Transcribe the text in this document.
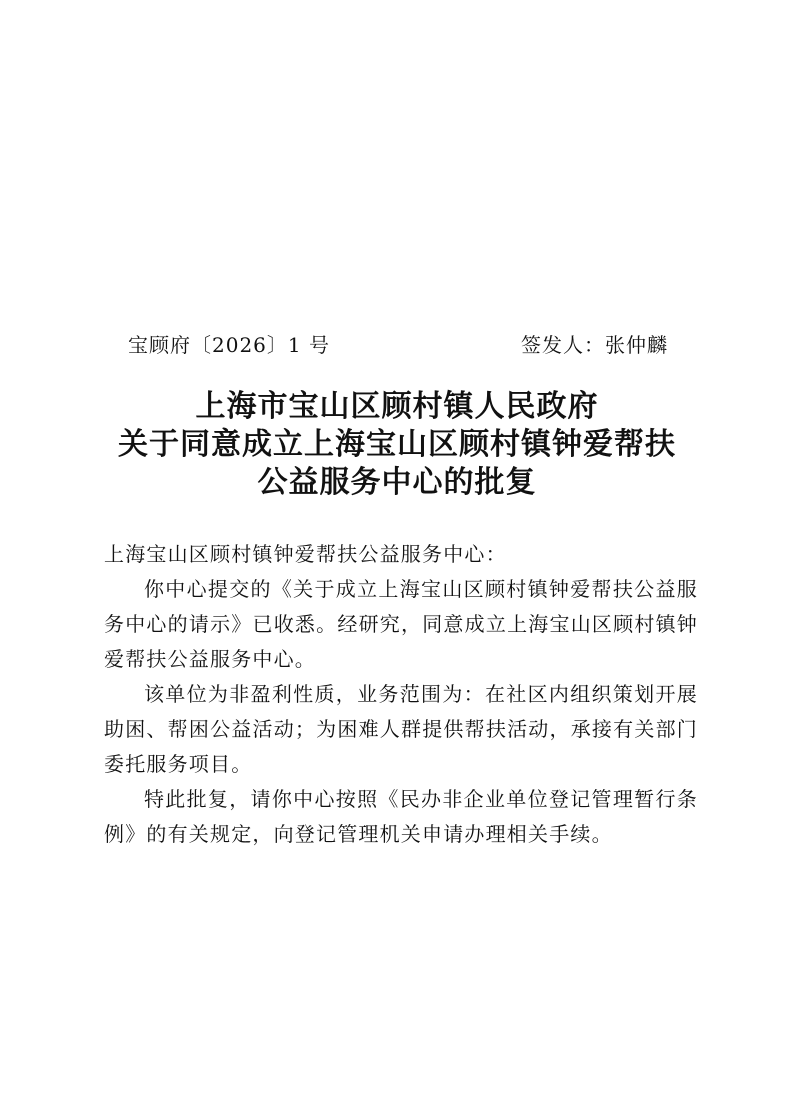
宝顾府〔2026〕1 号	签发人：张仲麟
上海市宝山区顾村镇人民政府
关于同意成立上海宝山区顾村镇钟爱帮扶
公益服务中心的批复

上海宝山区顾村镇钟爱帮扶公益服务中心：

你中心提交的《关于成立上海宝山区顾村镇钟爱帮扶公益服务中心的请示》已收悉。经研究，同意成立上海宝山区顾村镇钟爱帮扶公益服务中心。

该单位为非盈利性质，业务范围为：在社区内组织策划开展助困、帮困公益活动；为困难人群提供帮扶活动，承接有关部门委托服务项目。

特此批复，请你中心按照《民办非企业单位登记管理暂行条例》的有关规定，向登记管理机关申请办理相关手续。
